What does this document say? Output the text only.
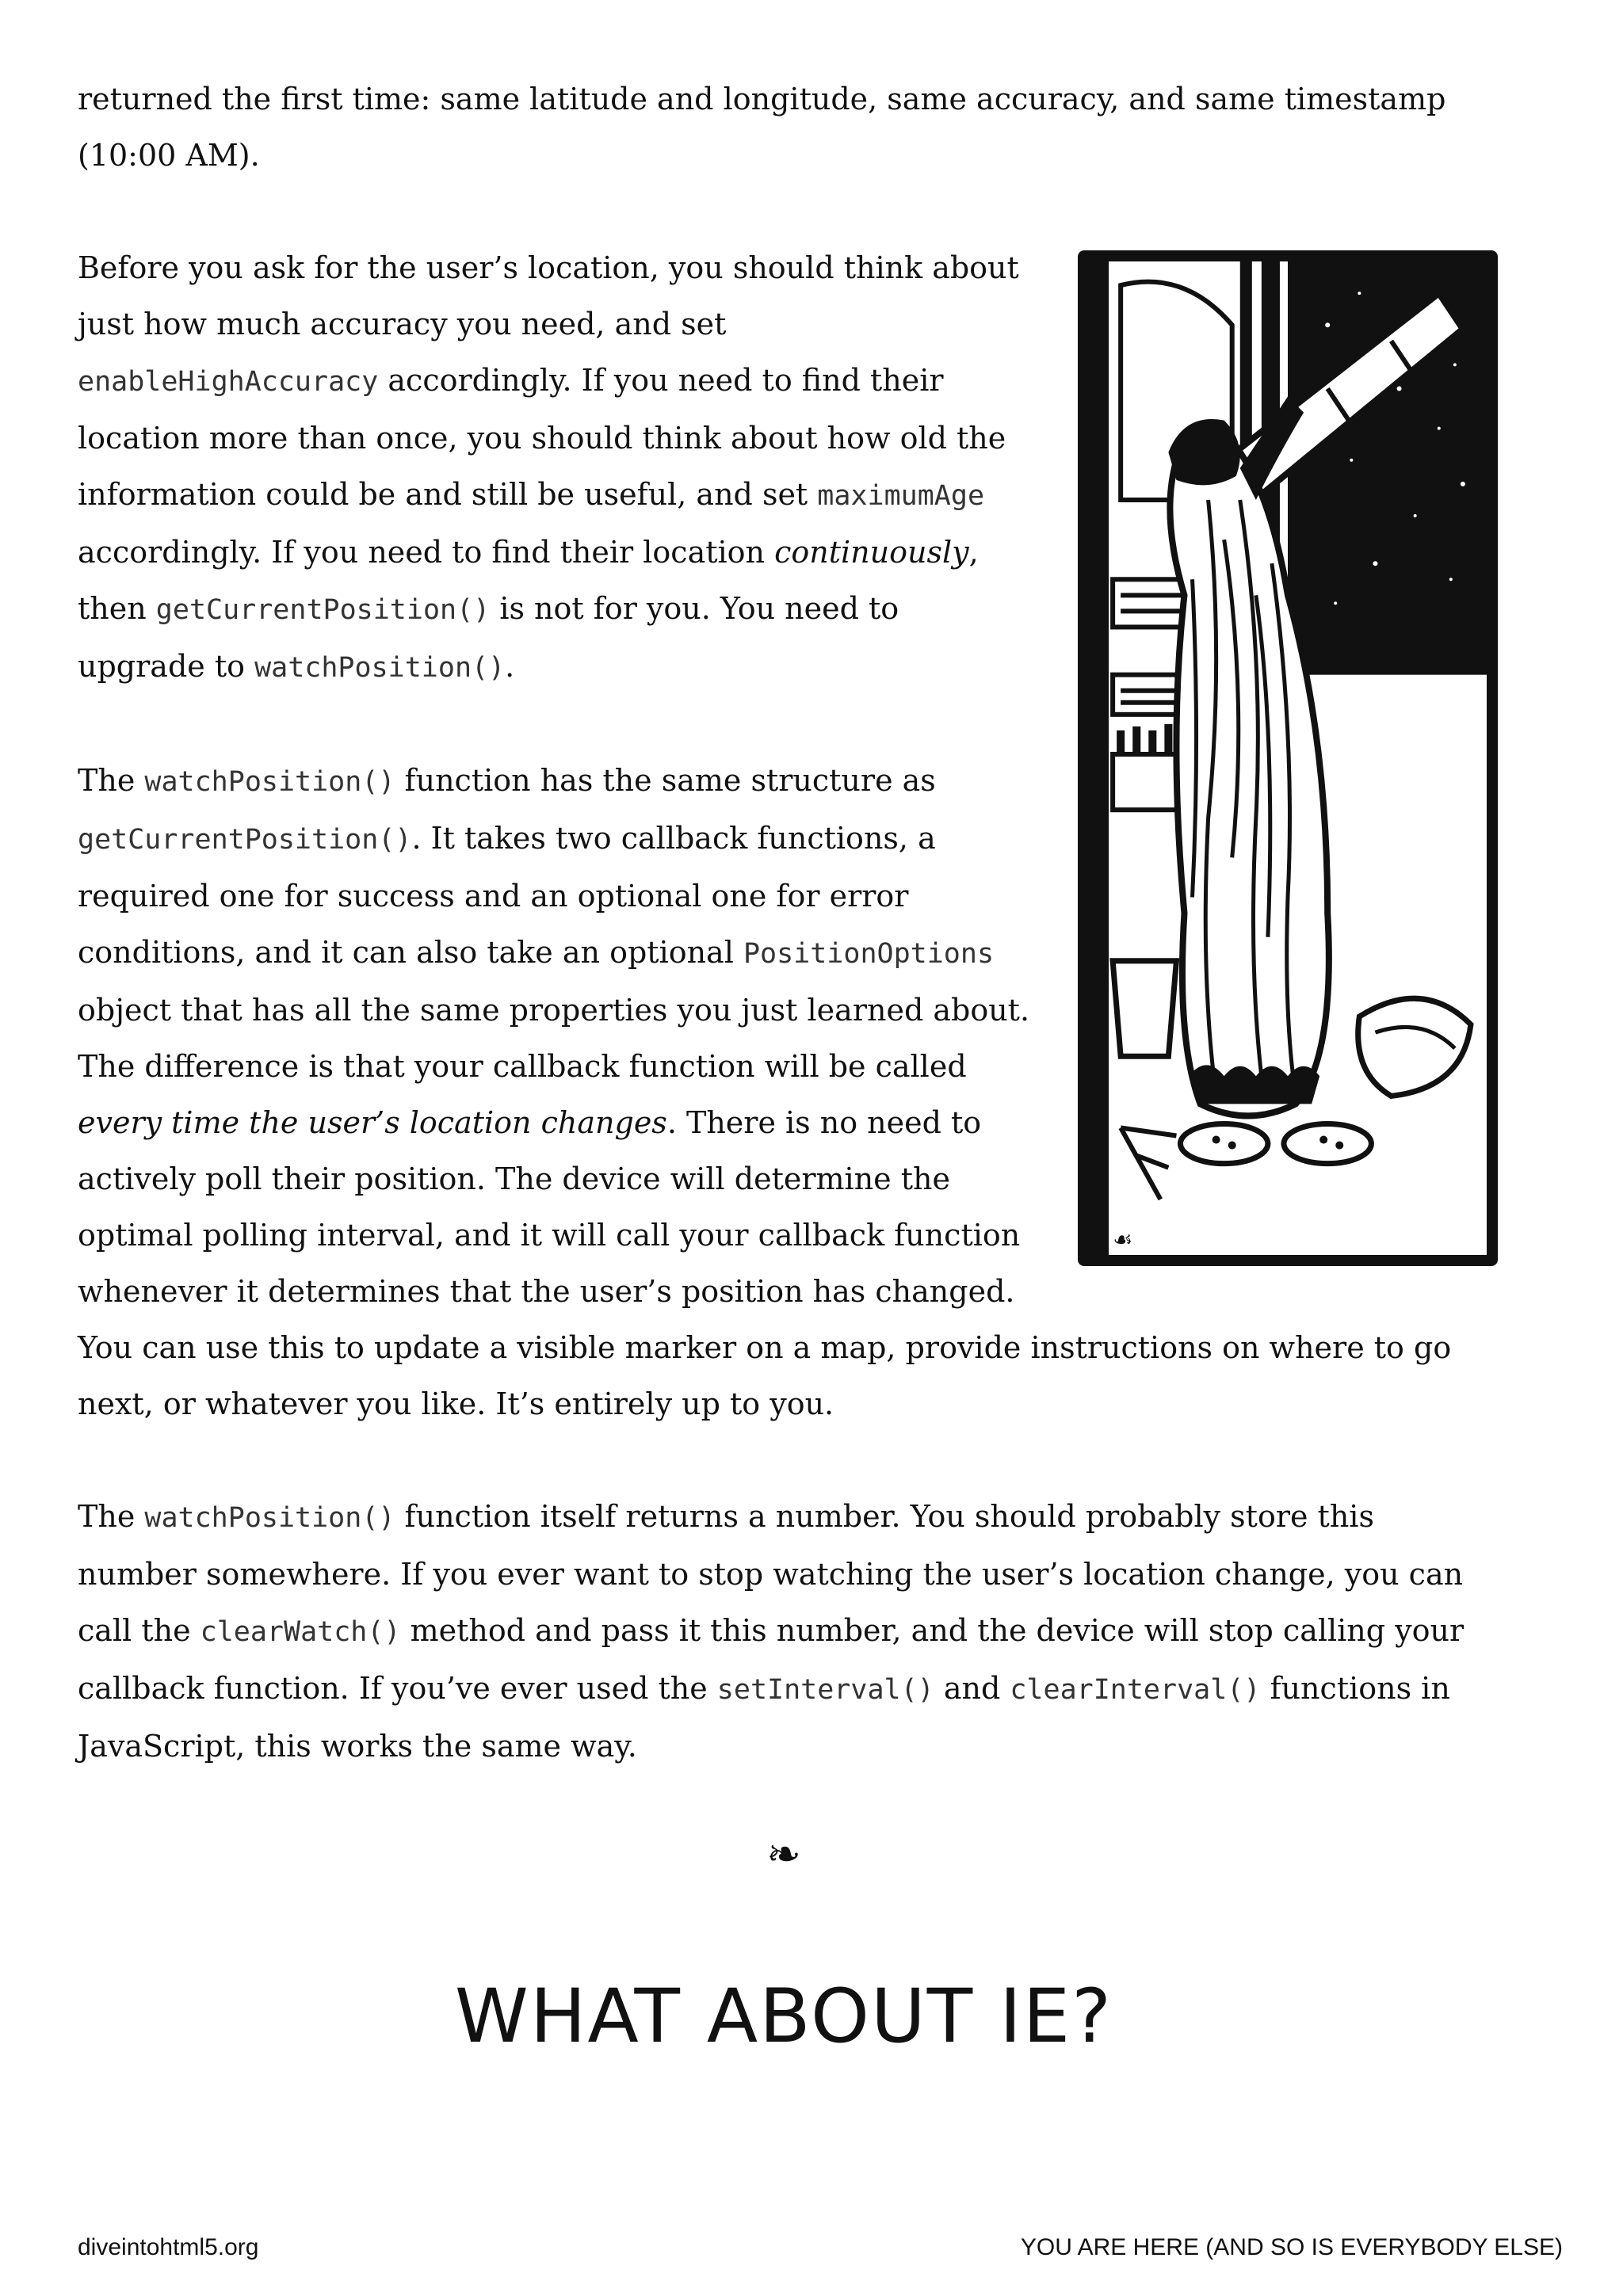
returned the first time: same latitude and longitude, same accuracy, and same timestamp (10:00 AM).

☙

Before you ask for the user’s location, you should think about just how much accuracy you need, and set enableHighAccuracy accordingly. If you need to find their location more than once, you should think about how old the information could be and still be useful, and set maximumAge accordingly. If you need to find their location continuously, then getCurrentPosition() is not for you. You need to upgrade to watchPosition().

The watchPosition() function has the same structure as getCurrentPosition(). It takes two callback functions, a required one for success and an optional one for error conditions, and it can also take an optional PositionOptions object that has all the same properties you just learned about. The difference is that your callback function will be called every time the user’s location changes. There is no need to actively poll their position. The device will determine the optimal polling interval, and it will call your callback function whenever it determines that the user’s position has changed. You can use this to update a visible marker on a map, provide instructions on where to go next, or whatever you like. It’s entirely up to you.

The watchPosition() function itself returns a number. You should probably store this number somewhere. If you ever want to stop watching the user’s location change, you can call the clearWatch() method and pass it this number, and the device will stop calling your callback function. If you’ve ever used the setInterval() and clearInterval() functions in JavaScript, this works the same way.

❧
WHAT ABOUT IE?
diveintohtml5.org	YOU ARE HERE (AND SO IS EVERYBODY ELSE)
